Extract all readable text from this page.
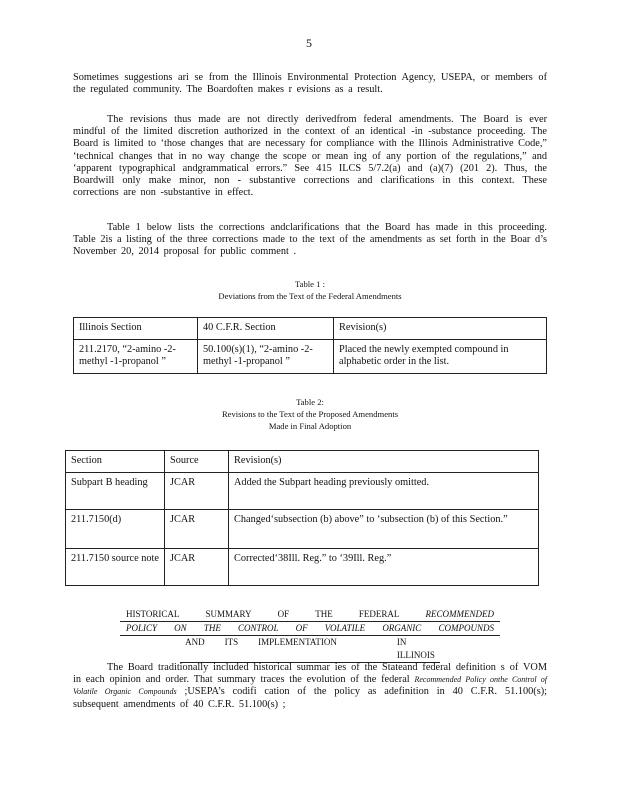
5

Sometimes suggestions ari se from the Illinois Environmental Protection Agency, USEPA, or members of the regulated community. The Boardoften makes r evisions as a result.

The revisions thus made are not directly derivedfrom federal amendments. The Board is ever mindful of the limited discretion authorized in the context of an identical -in -substance proceeding. The Board is limited to ‘those changes that are necessary for compliance with the Illinois Administrative Code,” ‘technical changes that in no way change the scope or mean ing of any portion of the regulations,” and ‘apparent typographical andgrammatical errors.” See 415 ILCS 5/7.2(a) and (a)(7) (201 2). Thus, the Boardwill only make minor, non - substantive corrections and clarifications in this context. These corrections are non -substantive in effect.

Table 1 below lists the corrections andclarifications that the Board has made in this proceeding. Table 2is a listing of the three corrections made to the text of the amendments as set forth in the Boar d’s November 20, 2014 proposal for public comment .

Table 1 :
Deviations from the Text of the Federal Amendments
Illinois Section	40 C.F.R. Section	Revision(s)
211.2170, “2-amino -2-methyl -1-propanol ”	50.100(s)(1), “2-amino -2-methyl -1-propanol ”	Placed the newly exempted compound in alphabetic order in the list.
Table 2:
Revisions to the Text of the Proposed Amendments
Made in Final Adoption
Section	Source	Revision(s)
Subpart B heading	JCAR	Added the Subpart heading previously omitted.
211.7150(d)	JCAR	Changed‘subsection (b) above” to ‘subsection (b) of this Section.”
211.7150 source note	JCAR	Corrected‘38Ill. Reg.” to ‘39Ill. Reg.”
HISTORICAL	SUMMARY	OF	THE	FEDERAL	RECOMMENDED
POLICY ON THE CONTROL OF VOLATILE ORGANIC COMPOUNDS
AND ITS IMPLEMENTATION	IN ILLINOIS

The Board traditionally included historical summar ies of the Stateand federal definition s of VOM in each opinion and order. That summary traces the evolution of the federal Recommended Policy onthe Control of Volatile Organic Compounds ;USEPA’s codifi cation of the policy as adefinition in 40 C.F.R. 51.100(s); subsequent amendments of 40 C.F.R. 51.100(s) ;
